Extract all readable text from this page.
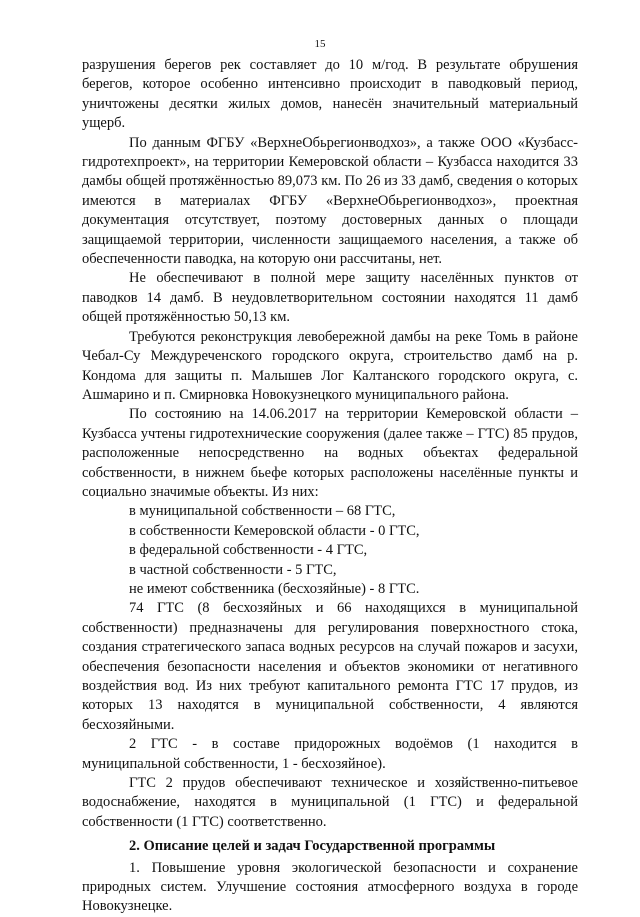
15

разрушения берегов рек составляет до 10 м/год. В результате обрушения берегов, которое особенно интенсивно происходит в паводковый период, уничтожены десятки жилых домов, нанесён значительный материальный ущерб.

По данным ФГБУ «ВерхнеОбьрегионводхоз», а также ООО «Кузбасс-гидротехпроект», на территории Кемеровской области – Кузбасса находится 33 дамбы общей протяжённостью 89,073 км. По 26 из 33 дамб, сведения о которых имеются в материалах ФГБУ «ВерхнеОбьрегионводхоз», проектная документация отсутствует, поэтому достоверных данных о площади защищаемой территории, численности защищаемого населения, а также об обеспеченности паводка, на которую они рассчитаны, нет.

Не обеспечивают в полной мере защиту населённых пунктов от паводков 14 дамб. В неудовлетворительном состоянии находятся 11 дамб общей протяжённостью 50,13 км.

Требуются реконструкция левобережной дамбы на реке Томь в районе Чебал-Су Междуреченского городского округа, строительство дамб на р. Кондома для защиты п. Малышев Лог Калтанского городского округа, с. Ашмарино и п. Смирновка Новокузнецкого муниципального района.

По состоянию на 14.06.2017 на территории Кемеровской области – Кузбасса учтены гидротехнические сооружения (далее также – ГТС) 85 прудов, расположенные непосредственно на водных объектах федеральной собственности, в нижнем бьефе которых расположены населённые пункты и социально значимые объекты. Из них:

в муниципальной собственности – 68 ГТС,

в собственности Кемеровской области - 0 ГТС,

в федеральной собственности - 4 ГТС,

в частной собственности - 5 ГТС,

не имеют собственника (бесхозяйные) - 8 ГТС.

74 ГТС (8 бесхозяйных и 66 находящихся в муниципальной собственности) предназначены для регулирования поверхностного стока, создания стратегического запаса водных ресурсов на случай пожаров и засухи, обеспечения безопасности населения и объектов экономики от негативного воздействия вод. Из них требуют капитального ремонта ГТС 17 прудов, из которых 13 находятся в муниципальной собственности, 4 являются бесхозяйными.

2 ГТС - в составе придорожных водоёмов (1 находится в муниципальной собственности, 1 - бесхозяйное).

ГТС 2 прудов обеспечивают техническое и хозяйственно-питьевое водоснабжение, находятся в муниципальной (1 ГТС) и федеральной собственности (1 ГТС) соответственно.

2. Описание целей и задач Государственной программы

1. Повышение уровня экологической безопасности и сохранение природных систем. Улучшение состояния атмосферного воздуха в городе Новокузнецке.
